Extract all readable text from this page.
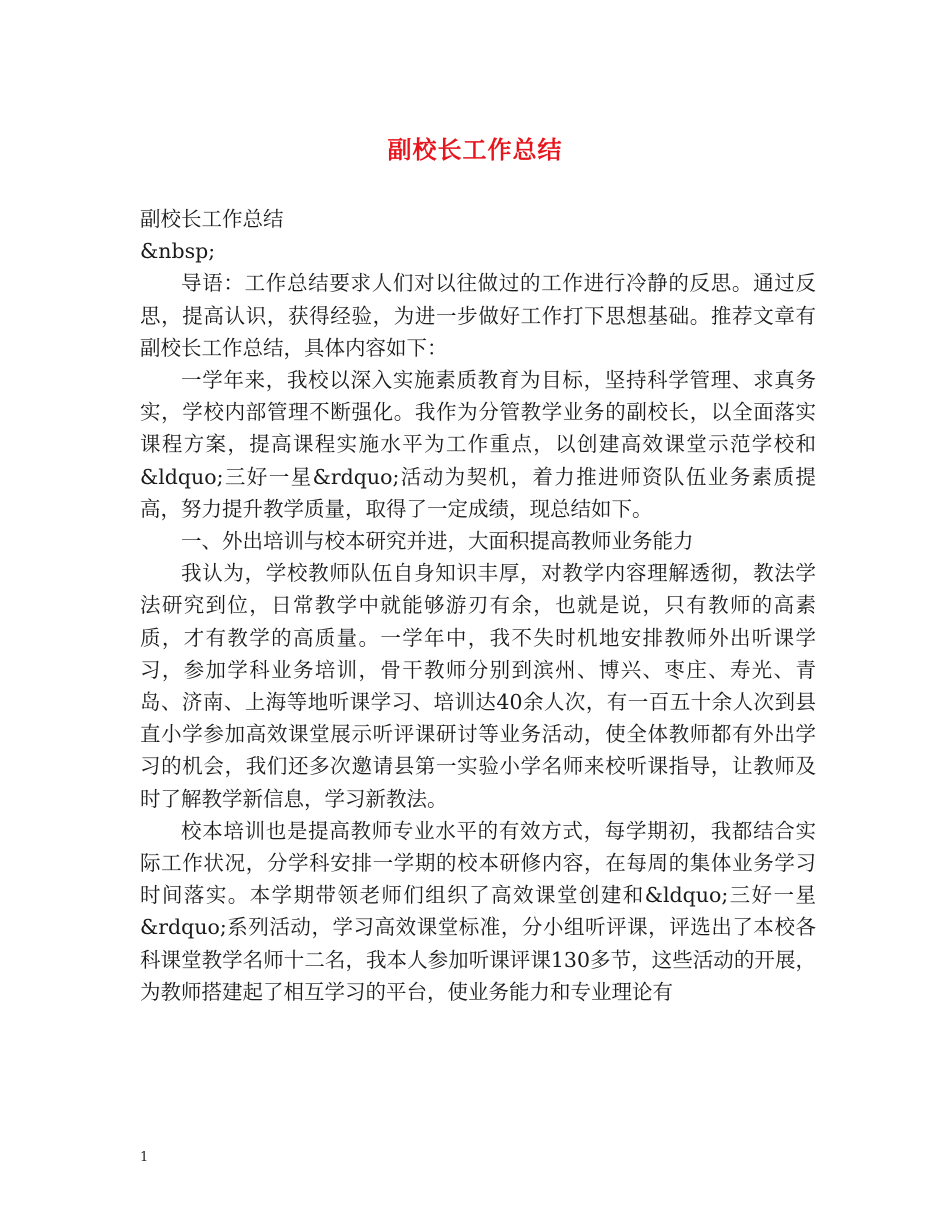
副校长工作总结

副校长工作总结

&nbsp;

导语：工作总结要求人们对以往做过的工作进行冷静的反思。通过反思，提高认识，获得经验，为进一步做好工作打下思想基础。推荐文章有副校长工作总结，具体内容如下：

一学年来，我校以深入实施素质教育为目标，坚持科学管理、求真务实，学校内部管理不断强化。我作为分管教学业务的副校长，以全面落实课程方案，提高课程实施水平为工作重点，以创建高效课堂示范学校和&ldquo;三好一星&rdquo;活动为契机，着力推进师资队伍业务素质提高，努力提升教学质量，取得了一定成绩，现总结如下。

一、外出培训与校本研究并进，大面积提高教师业务能力

我认为，学校教师队伍自身知识丰厚，对教学内容理解透彻，教法学法研究到位，日常教学中就能够游刃有余，也就是说，只有教师的高素质，才有教学的高质量。一学年中，我不失时机地安排教师外出听课学习，参加学科业务培训，骨干教师分别到滨州、博兴、枣庄、寿光、青岛、济南、上海等地听课学习、培训达40余人次，有一百五十余人次到县直小学参加高效课堂展示听评课研讨等业务活动，使全体教师都有外出学习的机会，我们还多次邀请县第一实验小学名师来校听课指导，让教师及时了解教学新信息，学习新教法。

校本培训也是提高教师专业水平的有效方式，每学期初，我都结合实际工作状况，分学科安排一学期的校本研修内容，在每周的集体业务学习时间落实。本学期带领老师们组织了高效课堂创建和&ldquo;三好一星&rdquo;系列活动，学习高效课堂标准，分小组听评课，评选出了本校各科课堂教学名师十二名，我本人参加听课评课130多节，这些活动的开展，为教师搭建起了相互学习的平台，使业务能力和专业理论有

1
